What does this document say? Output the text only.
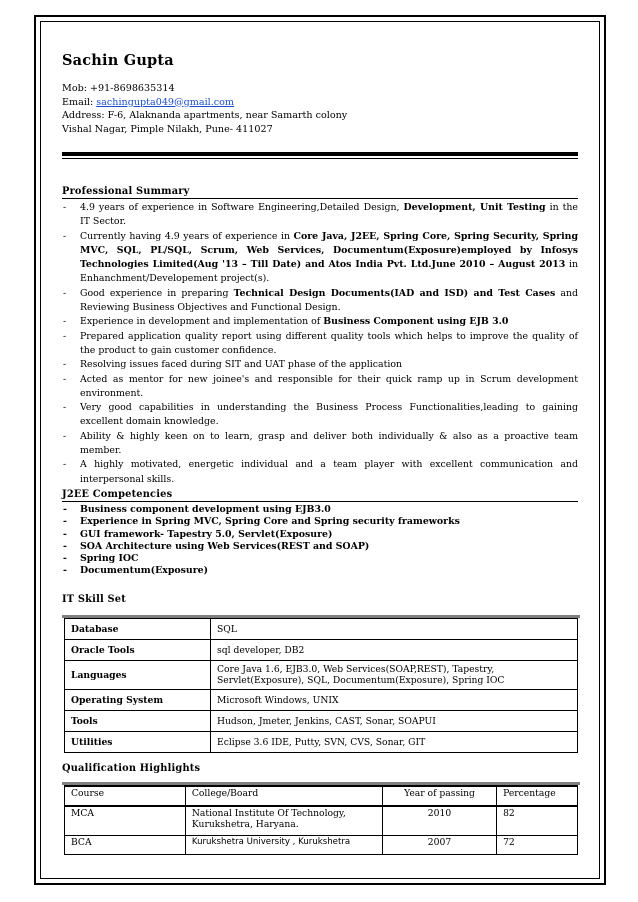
Sachin Gupta
Mob: +91-8698635314
Email: sachingupta049@gmail.com
Address: F-6, Alaknanda apartments, near Samarth colony
Vishal Nagar, Pimple Nilakh, Pune- 411027
Professional Summary
- 4.9 years of experience in Software Engineering,Detailed Design, Development, Unit Testing in the IT Sector.
- Currently having 4.9 years of experience in Core Java, J2EE, Spring Core, Spring Security, Spring MVC, SQL, PL/SQL, Scrum, Web Services, Documentum(Exposure)employed by Infosys Technologies Limited(Aug '13 – Till Date) and Atos India Pvt. Ltd.June 2010 – August 2013 in Enhanchment/Developement project(s).
- Good experience in preparing Technical Design Documents(IAD and ISD) and Test Cases and Reviewing Business Objectives and Functional Design.
- Experience in development and implementation of Business Component using EJB 3.0
- Prepared application quality report using different quality tools which helps to improve the quality of the product to gain customer confidence.
- Resolving issues faced during SIT and UAT phase of the application
- Acted as mentor for new joinee's and responsible for their quick ramp up in Scrum development environment.
- Very good capabilities in understanding the Business Process Functionalities,leading to gaining excellent domain knowledge.
- Ability & highly keen on to learn, grasp and deliver both individually & also as a proactive team member.
- A highly motivated, energetic individual and a team player with excellent communication and interpersonal skills.
J2EE Competencies
- Business component development using EJB3.0
- Experience in Spring MVC, Spring Core and Spring security frameworks
- GUI framework- Tapestry 5.0, Servlet(Exposure)
- SOA Architecture using Web Services(REST and SOAP)
- Spring IOC
- Documentum(Exposure)
IT Skill Set
Database	SQL
Oracle Tools	sql developer, DB2
Languages	Core Java 1.6, EJB3.0, Web Services(SOAP,REST), Tapestry, Servlet(Exposure), SQL, Documentum(Exposure), Spring IOC
Operating System	Microsoft Windows, UNIX
Tools	Hudson, Jmeter, Jenkins, CAST, Sonar, SOAPUI
Utilities	Eclipse 3.6 IDE, Putty, SVN, CVS, Sonar, GIT
Qualification Highlights
Course	College/Board	Year of passing	Percentage
MCA	National Institute Of Technology, Kurukshetra, Haryana.	2010	82
BCA	Kurukshetra University , Kurukshetra	2007	72
